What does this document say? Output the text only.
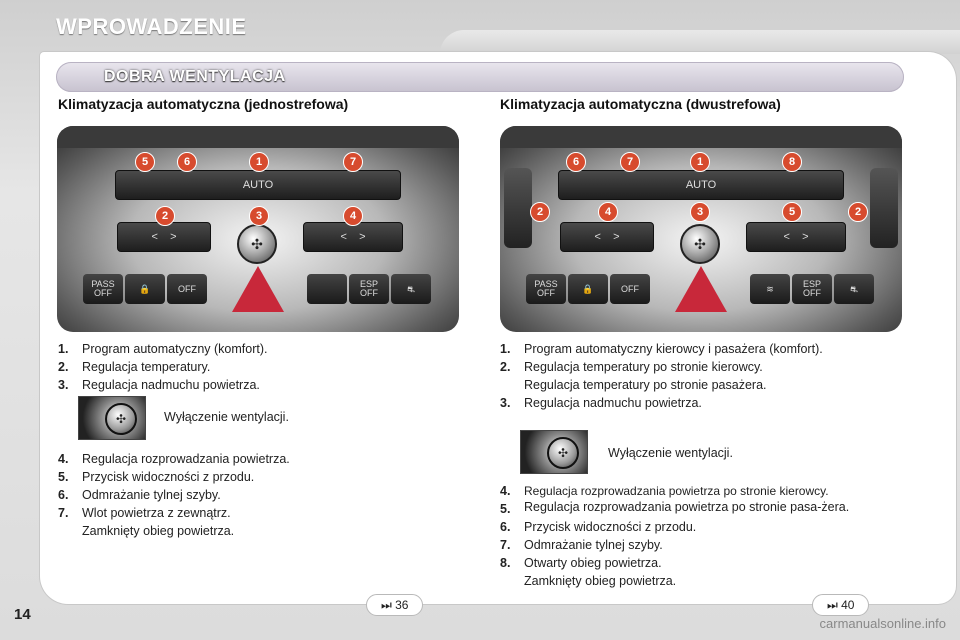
WPROWADZENIE
DOBRA WENTYLACJA
Klimatyzacja automatyczna (jednostrefowa)
AUTO
<    >	<    >
✣
PASS
OFF	🔒	OFF	ESP
OFF	⛐
5	6	1	7
2	3	4
1.	Program automatyczny (komfort).
2.	Regulacja temperatury.
3.	Regulacja nadmuchu powietrza.
✣	Wyłączenie wentylacji.
4.	Regulacja rozprowadzania powietrza.
5.	Przycisk widoczności z przodu.
6.	Odmrażanie tylnej szyby.
7.	Wlot powietrza z zewnątrz.
Zamknięty obieg powietrza.
⏭ 36
Klimatyzacja automatyczna (dwustrefowa)
AUTO
<    >	<    >
✣
PASS
OFF	🔒	OFF	≋	ESP
OFF	⛐
6	7	1	8
2	4	3	5	2
1.	Program automatyczny kierowcy i pasażera (komfort).
2.	Regulacja temperatury po stronie kierowcy.
Regulacja temperatury po stronie pasażera.
3.	Regulacja nadmuchu powietrza.
✣	Wyłączenie wentylacji.
4.	Regulacja rozprowadzania powietrza po stronie kierowcy.
5.	Regulacja rozprowadzania powietrza po stronie pasa-żera.
6.	Przycisk widoczności z przodu.
7.	Odmrażanie tylnej szyby.
8.	Otwarty obieg powietrza.
Zamknięty obieg powietrza.
⏭ 40
14
carmanualsonline.info
